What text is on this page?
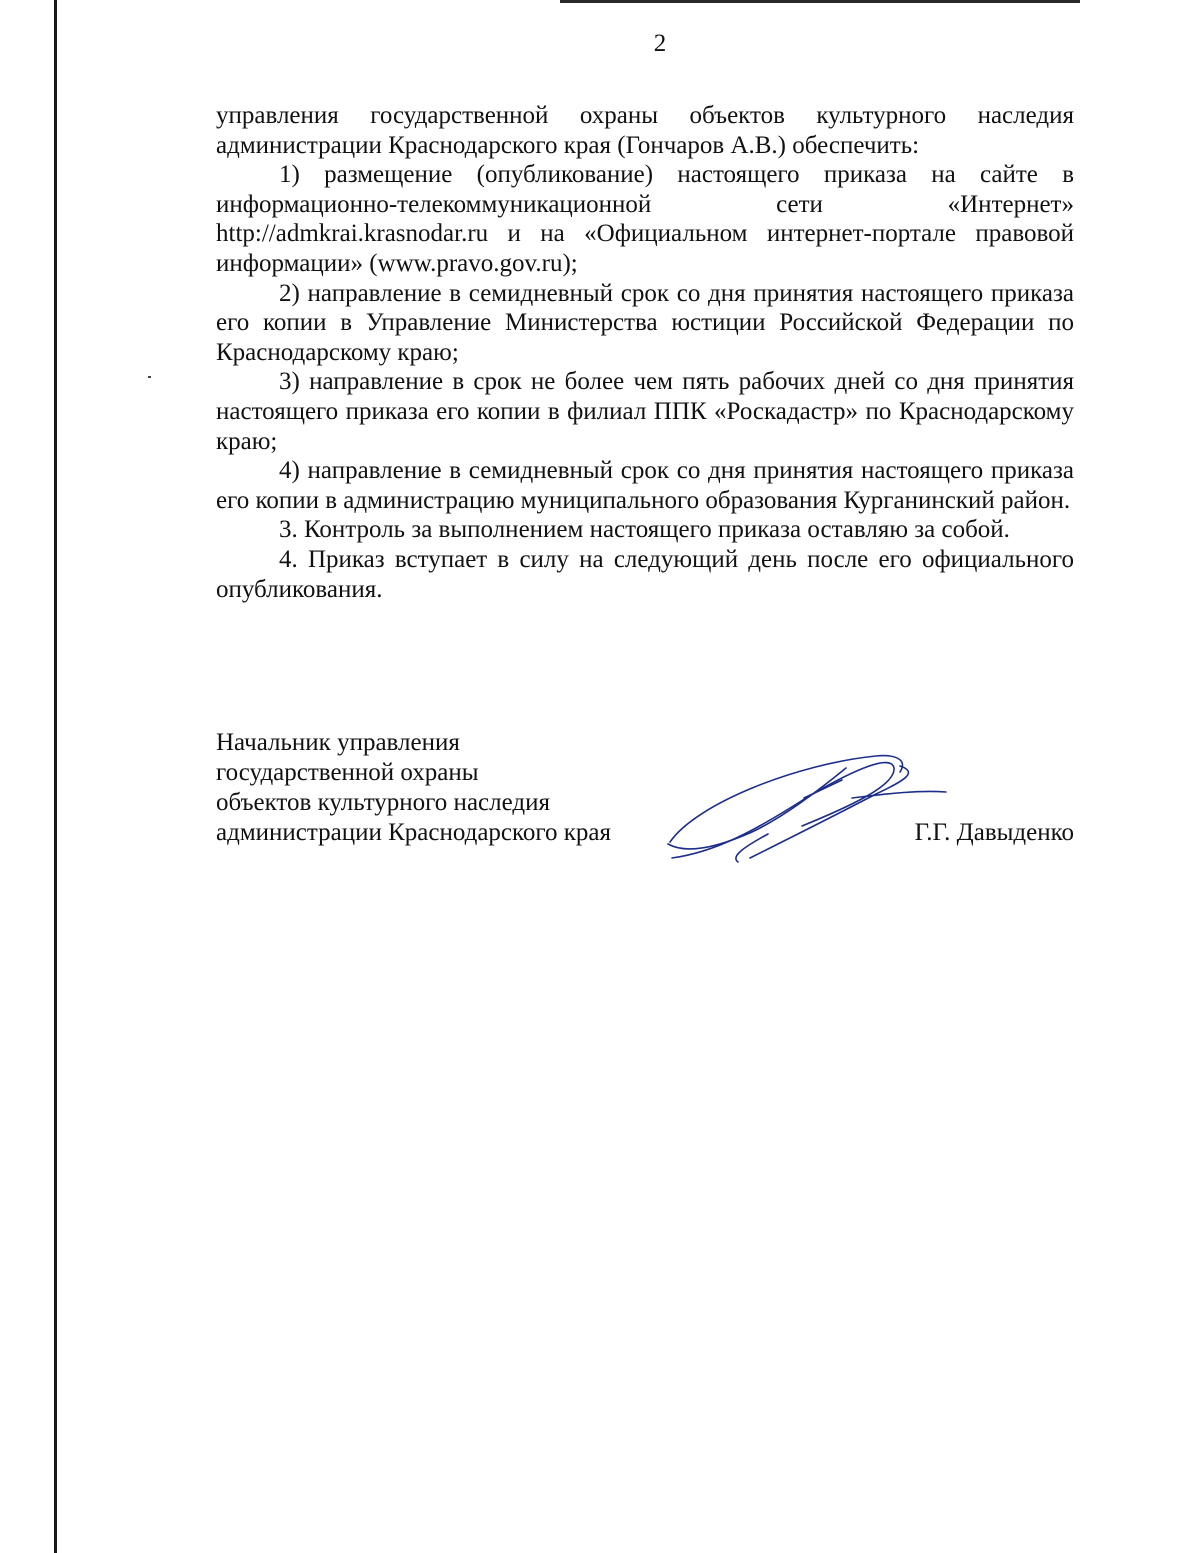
2

управления государственной охраны объектов культурного наследия администрации Краснодарского края (Гончаров А.В.) обеспечить:

1) размещение (опубликование) настоящего приказа на сайте в информационно-телекоммуникационной сети «Интернет» http://admkrai.krasnodar.ru и на «Официальном интернет-портале правовой информации» (www.pravo.gov.ru);

2) направление в семидневный срок со дня принятия настоящего приказа его копии в Управление Министерства юстиции Российской Федерации по Краснодарскому краю;

3) направление в срок не более чем пять рабочих дней со дня принятия настоящего приказа его копии в филиал ППК «Роскадастр» по Краснодарскому краю;

4) направление в семидневный срок со дня принятия настоящего приказа его копии в администрацию муниципального образования Курганинский район.

3. Контроль за выполнением настоящего приказа оставляю за собой.

4. Приказ вступает в силу на следующий день после его официального опубликования.

Начальник управления
государственной охраны
объектов культурного наследия
администрации Краснодарского края	Г.Г. Давыденко
